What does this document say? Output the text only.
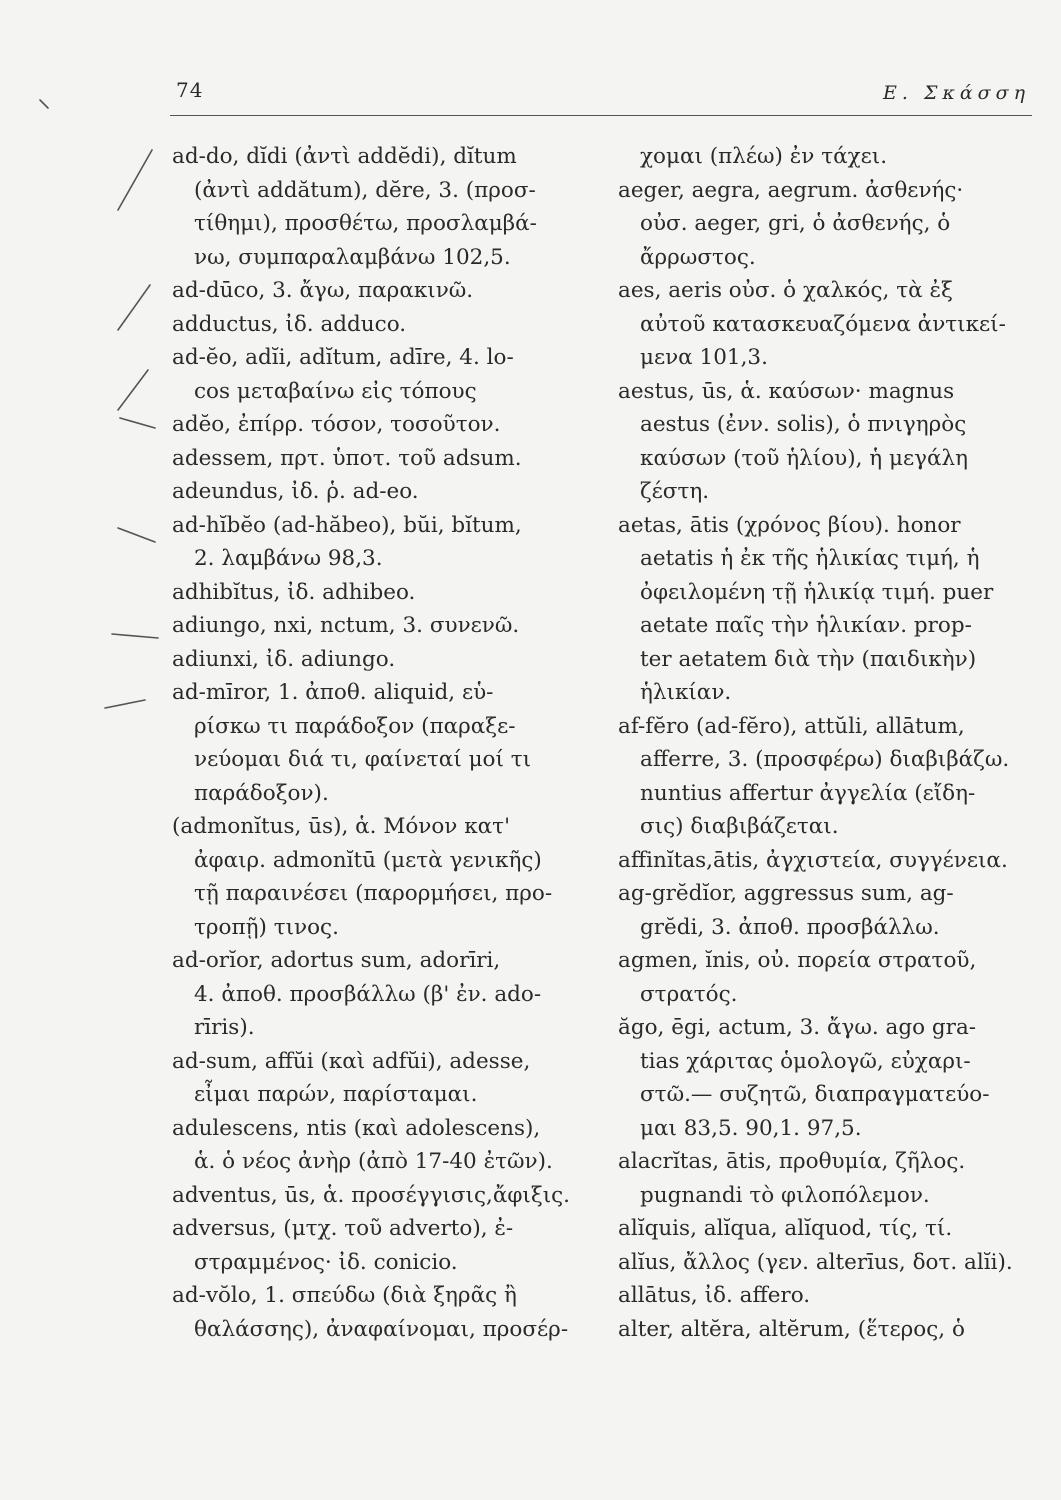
74	Ε. Σκάσση
ad-do, dĭdi (ἀντὶ addĕdi), dĭtum
(ἀντὶ addătum), dĕre, 3. (προσ-
τίθημι), προσθέτω, προσλαμβά-
νω, συμπαραλαμβάνω 102,5.
ad-dūco, 3. ἄγω, παρακινῶ.
adductus, ἰδ. adduco.
ad-ĕo, adĭi, adĭtum, adīre, 4. lo-
cos μεταβαίνω εἰς τόπους
adĕo, ἐπίρρ. τόσον, τοσοῦτον.
adessem, πρτ. ὑποτ. τοῦ adsum.
adeundus, ἰδ. ῥ. ad-eo.
ad-hĭbĕo (ad-hăbeo), bŭi, bĭtum,
2. λαμβάνω 98,3.
adhibĭtus, ἰδ. adhibeo.
adiungo, nxi, nctum, 3. συνενῶ.
adiunxi, ἰδ. adiungo.
ad-mīror, 1. ἀποθ. aliquid, εὑ-
ρίσκω τι παράδοξον (παραξε-
νεύομαι διά τι, φαίνεταί μοί τι
παράδοξον).
(admonĭtus, ūs), ἁ. Μόνον κατ'
ἀφαιρ. admonĭtū (μετὰ γενικῆς)
τῇ παραινέσει (παρορμήσει, προ-
τροπῇ) τινος.
ad-orĭor, adortus sum, adorīri,
4. ἀποθ. προσβάλλω (β' ἐν. ado-
rīris).
ad-sum, affŭi (καὶ adfŭi), adesse,
εἶμαι παρών, παρίσταμαι.
adulescens, ntis (καὶ adolescens),
ἁ. ὁ νέος ἀνὴρ (ἀπὸ 17-40 ἐτῶν).
adventus, ūs, ἁ. προσέγγισις,ἄφιξις.
adversus, (μτχ. τοῦ adverto), ἐ-
στραμμένος· ἰδ. conicio.
ad-vŏlo, 1. σπεύδω (διὰ ξηρᾶς ἢ
θαλάσσης), ἀναφαίνομαι, προσέρ-
χομαι (πλέω) ἐν τάχει.
aeger, aegra, aegrum. ἀσθενής·
οὐσ. aeger, gri, ὁ ἀσθενής, ὁ
ἄρρωστος.
aes, aeris οὐσ. ὁ χαλκός, τὰ ἐξ
αὐτοῦ κατασκευαζόμενα ἀντικεί-
μενα 101,3.
aestus, ūs, ἁ. καύσων· magnus
aestus (ἐνν. solis), ὁ πνιγηρὸς
καύσων (τοῦ ἡλίου), ἡ μεγάλη
ζέστη.
aetas, ātis (χρόνος βίου). honor
aetatis ἡ ἐκ τῆς ἡλικίας τιμή, ἡ
ὀφειλομένη τῇ ἡλικίᾳ τιμή. puer
aetate παῖς τὴν ἡλικίαν. prop-
ter aetatem διὰ τὴν (παιδικὴν)
ἡλικίαν.
af-fĕro (ad-fĕro), attŭli, allātum,
afferre, 3. (προσφέρω) διαβιβάζω.
nuntius affertur ἀγγελία (εἴδη-
σις) διαβιβάζεται.
affinĭtas,ātis, ἀγχιστεία, συγγένεια.
ag-grĕdĭor, aggressus sum, ag-
grĕdi, 3. ἀποθ. προσβάλλω.
agmen, ĭnis, οὐ. πορεία στρατοῦ,
στρατός.
ăgo, ēgi, actum, 3. ἄγω. ago gra-
tias χάριτας ὁμολογῶ, εὐχαρι-
στῶ.— συζητῶ, διαπραγματεύο-
μαι 83,5. 90,1. 97,5.
alacrĭtas, ātis, προθυμία, ζῆλος.
pugnandi τὸ φιλοπόλεμον.
alĭquis, alĭqua, alĭquod, τίς, τί.
alĭus, ἄλλος (γεν. alterīus, δοτ. alĭi).
allātus, ἰδ. affero.
alter, altĕra, altĕrum, (ἕτερος, ὁ
